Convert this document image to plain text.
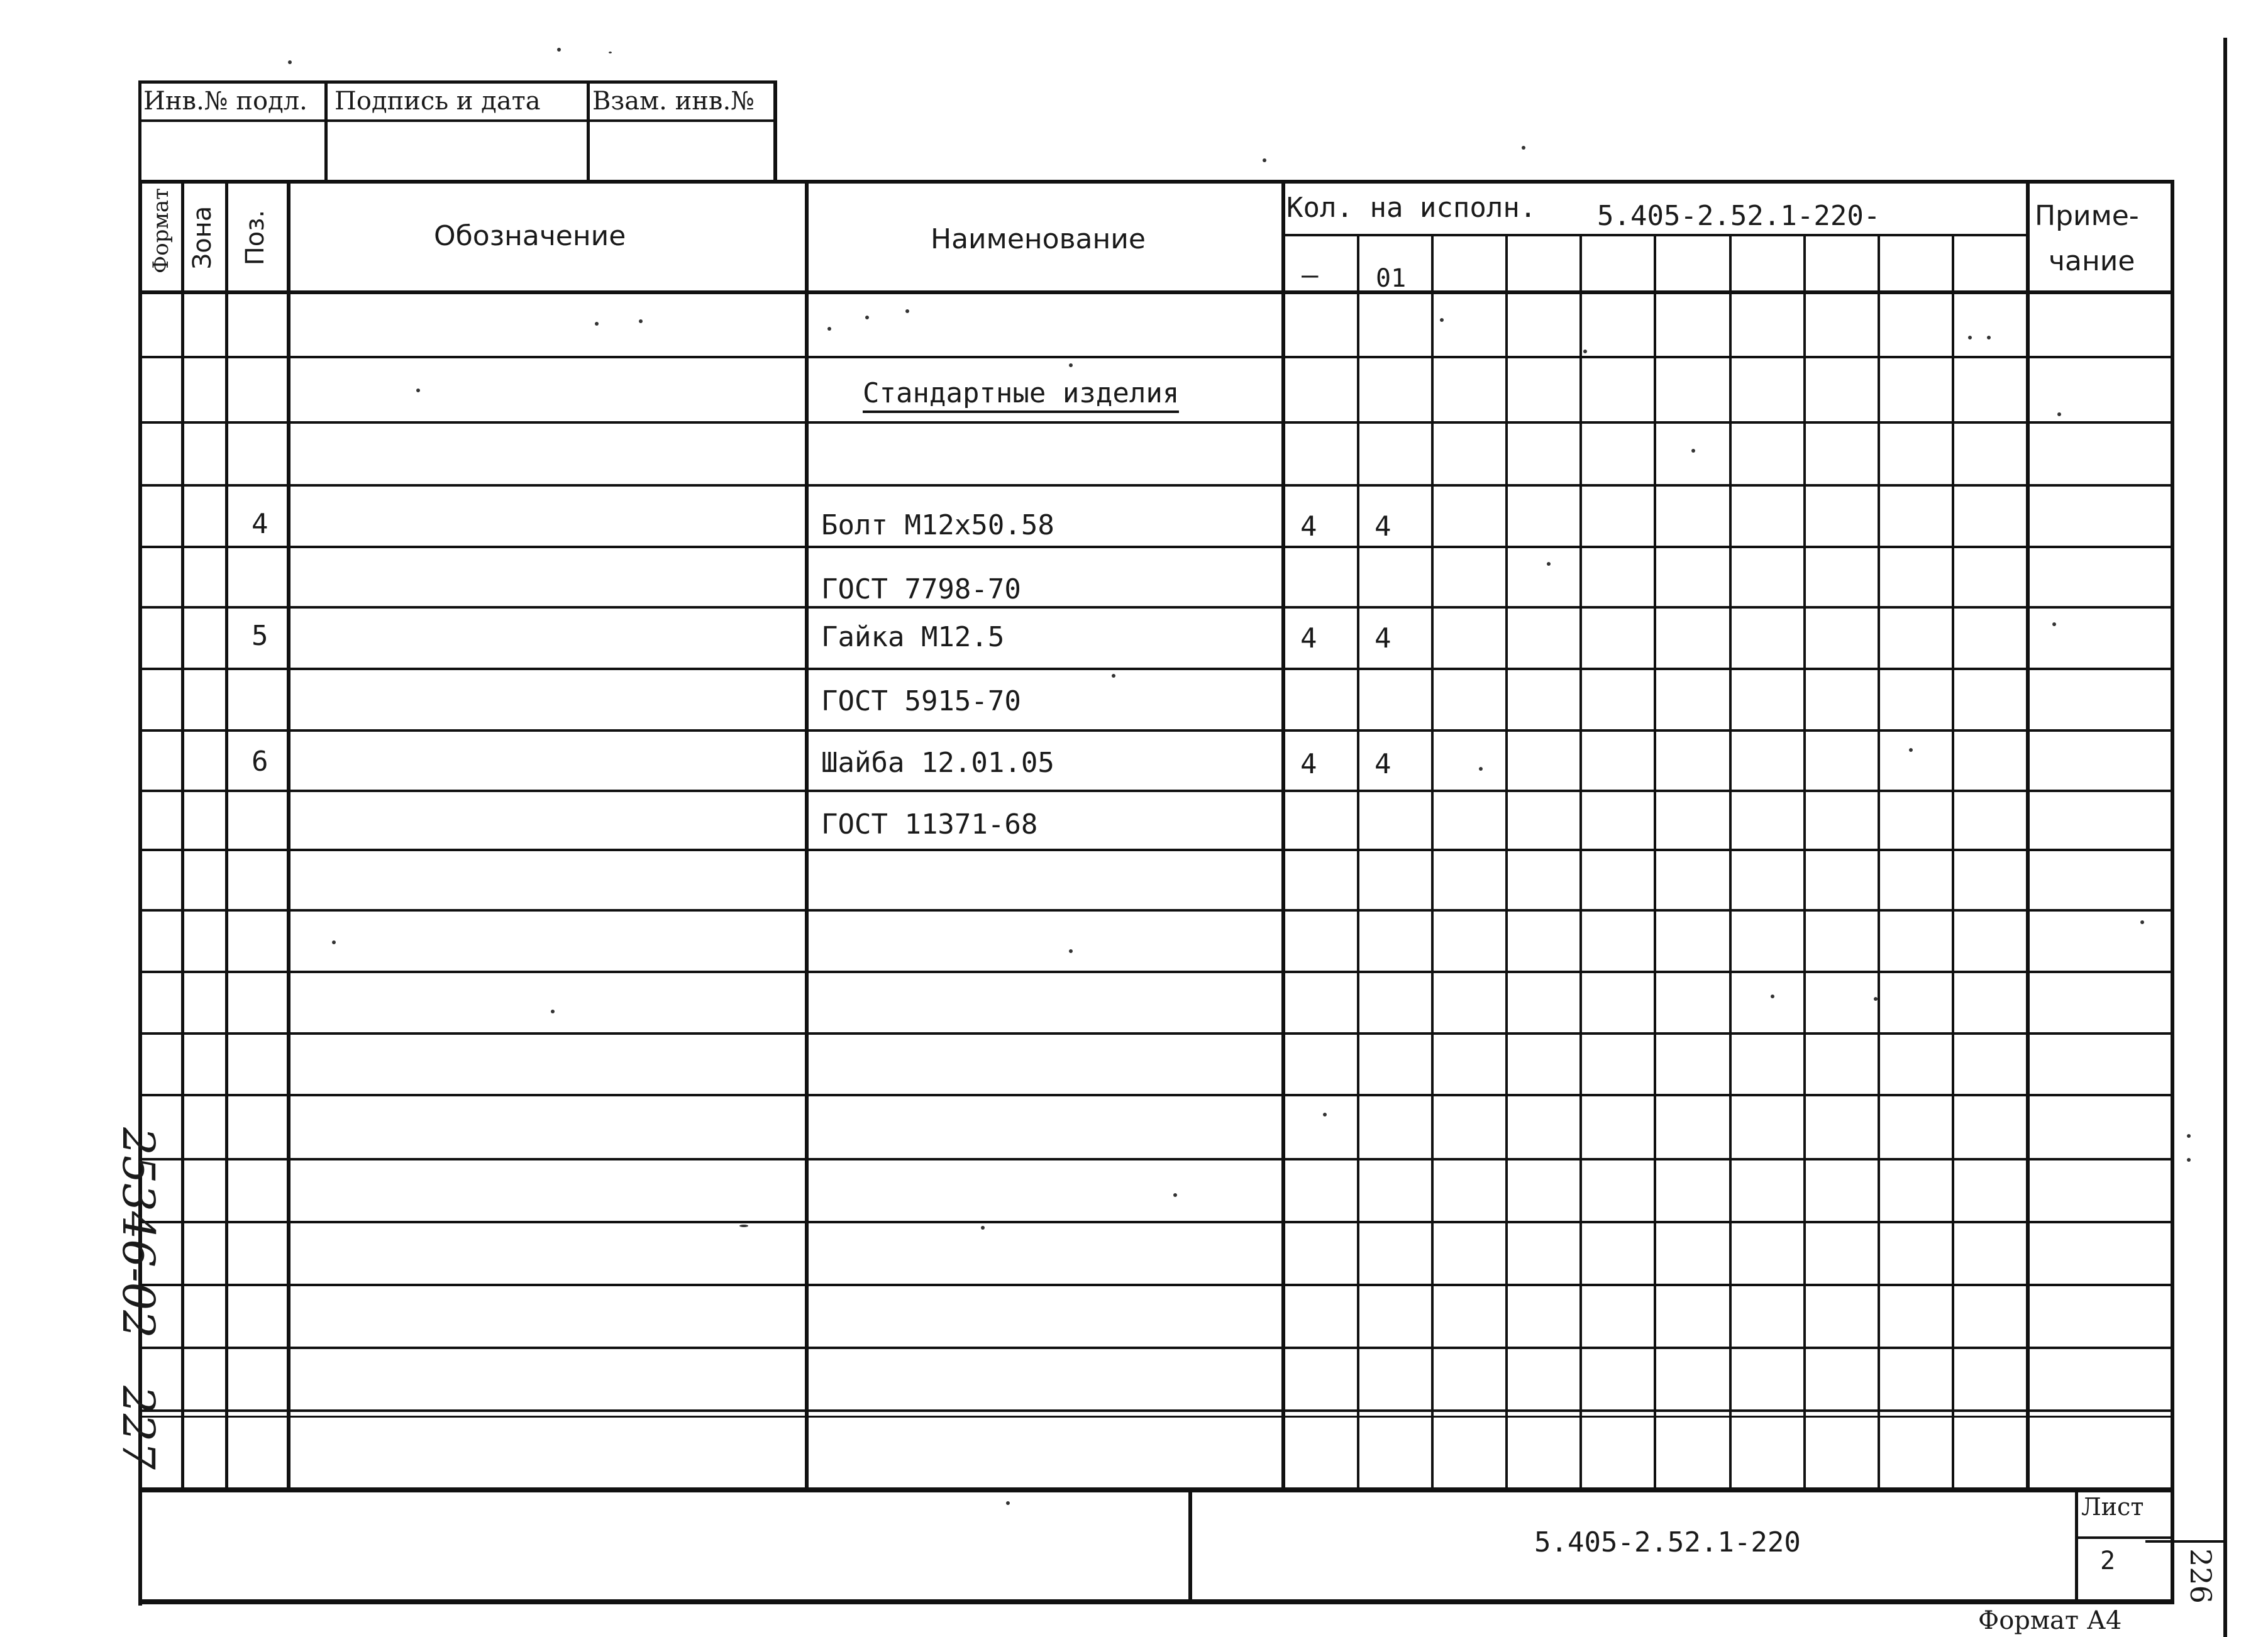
Инв.№ подл. Подпись и дата Взам. инв.№
Формат Зона Поз.	Обозначение	Наименование
Кол. на исполн. 5.405-2.52.1-220-
– 01
Приме-
чание
Стандартные изделия
4	Болт М12х50.58	4 4
ГОСТ 7798-70
5	Гайка М12.5	4 4
ГОСТ 5915-70
6	Шайба 12.01.05	4 4
ГОСТ 11371-68
5.405-2.52.1-220
Лист
2
Формат А4
226
25346-02
227
